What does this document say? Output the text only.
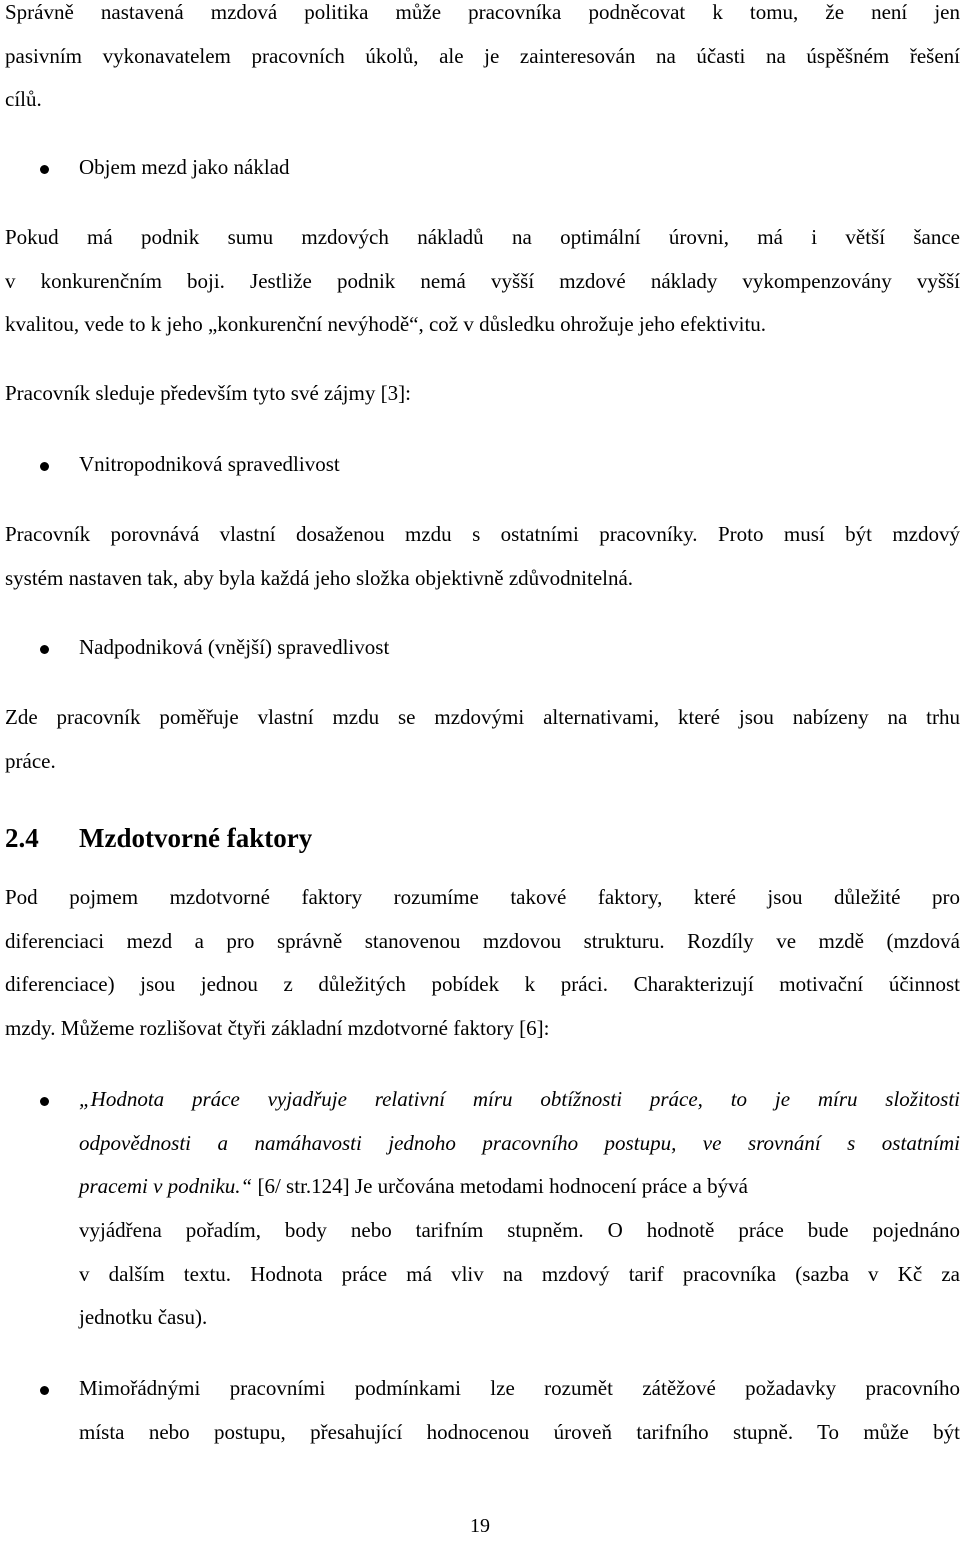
Správně nastavená mzdová politika může pracovníka podněcovat k tomu, že není jen
pasivním vykonavatelem pracovních úkolů, ale je zainteresován na účasti na úspěšném řešení
cílů.
Objem mezd jako náklad
Pokud má podnik sumu mzdových nákladů na optimální úrovni, má i větší šance
v konkurenčním boji. Jestliže podnik nemá vyšší mzdové náklady vykompenzovány vyšší
kvalitou, vede to k jeho „konkurenční nevýhodě“, což v důsledku ohrožuje jeho efektivitu.
Pracovník sleduje především tyto své zájmy [3]:
Vnitropodniková spravedlivost
Pracovník porovnává vlastní dosaženou mzdu s ostatními pracovníky. Proto musí být mzdový
systém nastaven tak, aby byla každá jeho složka objektivně zdůvodnitelná.
Nadpodniková (vnější) spravedlivost
Zde pracovník poměřuje vlastní mzdu se mzdovými alternativami, které jsou nabízeny na trhu
práce.
2.4 Mzdotvorné faktory
Pod pojmem mzdotvorné faktory rozumíme takové faktory, které jsou důležité pro
diferenciaci mezd a pro správně stanovenou mzdovou strukturu. Rozdíly ve mzdě (mzdová
diferenciace) jsou jednou z důležitých pobídek k práci. Charakterizují motivační účinnost
mzdy. Můžeme rozlišovat čtyři základní mzdotvorné faktory [6]:
„Hodnota práce vyjadřuje relativní míru obtížnosti práce, to je míru složitosti
odpovědnosti a namáhavosti jednoho pracovního postupu, ve srovnání s ostatními
pracemi v podniku.“ [6/ str.124] Je určována metodami hodnocení práce a bývá
vyjádřena pořadím, body nebo tarifním stupněm. O hodnotě práce bude pojednáno
v dalším textu. Hodnota práce má vliv na mzdový tarif pracovníka (sazba v Kč za
jednotku času).
Mimořádnými pracovními podmínkami lze rozumět zátěžové požadavky pracovního
místa nebo postupu, přesahující hodnocenou úroveň tarifního stupně. To může být
19
